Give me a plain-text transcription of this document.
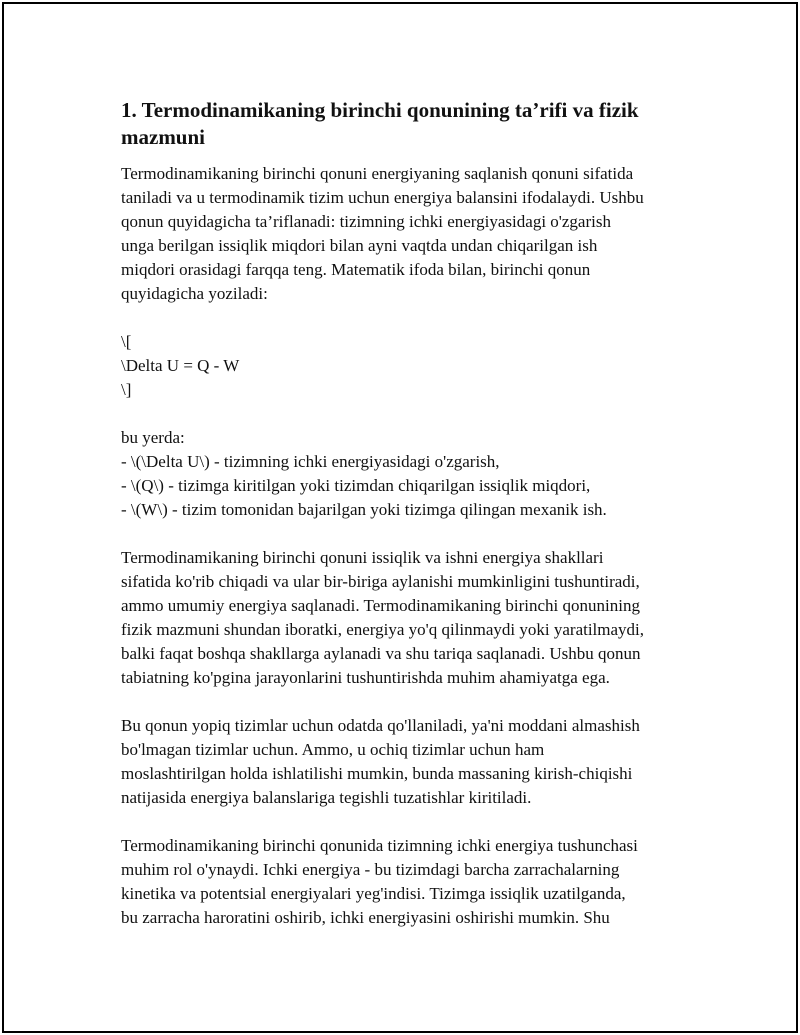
1. Termodinamikaning birinchi qonunining ta’rifi va fizik
mazmuni

Termodinamikaning birinchi qonuni energiyaning saqlanish qonuni sifatida
taniladi va u termodinamik tizim uchun energiya balansini ifodalaydi. Ushbu
qonun quyidagicha ta’riflanadi: tizimning ichki energiyasidagi o'zgarish
unga berilgan issiqlik miqdori bilan ayni vaqtda undan chiqarilgan ish
miqdori orasidagi farqqa teng. Matematik ifoda bilan, birinchi qonun
quyidagicha yoziladi:

\[
\Delta U = Q - W
\]

bu yerda:
- \(\Delta U\) - tizimning ichki energiyasidagi o'zgarish,
- \(Q\) - tizimga kiritilgan yoki tizimdan chiqarilgan issiqlik miqdori,
- \(W\) - tizim tomonidan bajarilgan yoki tizimga qilingan mexanik ish.

Termodinamikaning birinchi qonuni issiqlik va ishni energiya shakllari
sifatida ko'rib chiqadi va ular bir-biriga aylanishi mumkinligini tushuntiradi,
ammo umumiy energiya saqlanadi. Termodinamikaning birinchi qonunining
fizik mazmuni shundan iboratki, energiya yo'q qilinmaydi yoki yaratilmaydi,
balki faqat boshqa shakllarga aylanadi va shu tariqa saqlanadi. Ushbu qonun
tabiatning ko'pgina jarayonlarini tushuntirishda muhim ahamiyatga ega.

Bu qonun yopiq tizimlar uchun odatda qo'llaniladi, ya'ni moddani almashish
bo'lmagan tizimlar uchun. Ammo, u ochiq tizimlar uchun ham
moslashtirilgan holda ishlatilishi mumkin, bunda massaning kirish-chiqishi
natijasida energiya balanslariga tegishli tuzatishlar kiritiladi.

Termodinamikaning birinchi qonunida tizimning ichki energiya tushunchasi
muhim rol o'ynaydi. Ichki energiya - bu tizimdagi barcha zarrachalarning
kinetika va potentsial energiyalari yeg'indisi. Tizimga issiqlik uzatilganda,
bu zarracha haroratini oshirib, ichki energiyasini oshirishi mumkin. Shu
